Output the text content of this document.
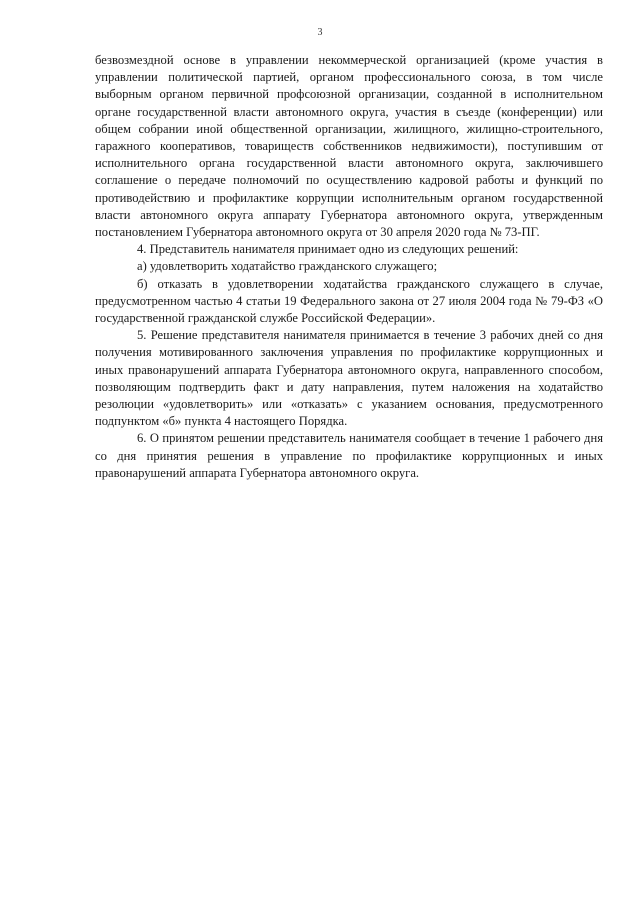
3

безвозмездной основе в управлении некоммерческой организацией (кроме участия в управлении политической партией, органом профессионального союза, в том числе выборным органом первичной профсоюзной организации, созданной в исполнительном органе государственной власти автономного округа, участия в съезде (конференции) или общем собрании иной общественной организации, жилищного, жилищно-строительного, гаражного кооперативов, товариществ собственников недвижимости), поступившим от исполнительного органа государственной власти автономного округа, заключившего соглашение о передаче полномочий по осуществлению кадровой работы и функций по противодействию и профилактике коррупции исполнительным органом государственной власти автономного округа аппарату Губернатора автономного округа, утвержденным постановлением Губернатора автономного округа от 30 апреля 2020 года № 73-ПГ.

4. Представитель нанимателя принимает одно из следующих решений:

а) удовлетворить ходатайство гражданского служащего;

б) отказать в удовлетворении ходатайства гражданского служащего в случае, предусмотренном частью 4 статьи 19 Федерального закона от 27 июля 2004 года № 79-ФЗ «О государственной гражданской службе Российской Федерации».

5. Решение представителя нанимателя принимается в течение 3 рабочих дней со дня получения мотивированного заключения управления по профилактике коррупционных и иных правонарушений аппарата Губернатора автономного округа, направленного способом, позволяющим подтвердить факт и дату направления, путем наложения на ходатайство резолюции «удовлетворить» или «отказать» с указанием основания, предусмотренного подпунктом «б» пункта 4 настоящего Порядка.

6. О принятом решении представитель нанимателя сообщает в течение 1 рабочего дня со дня принятия решения в управление по профилактике коррупционных и иных правонарушений аппарата Губернатора автономного округа.
